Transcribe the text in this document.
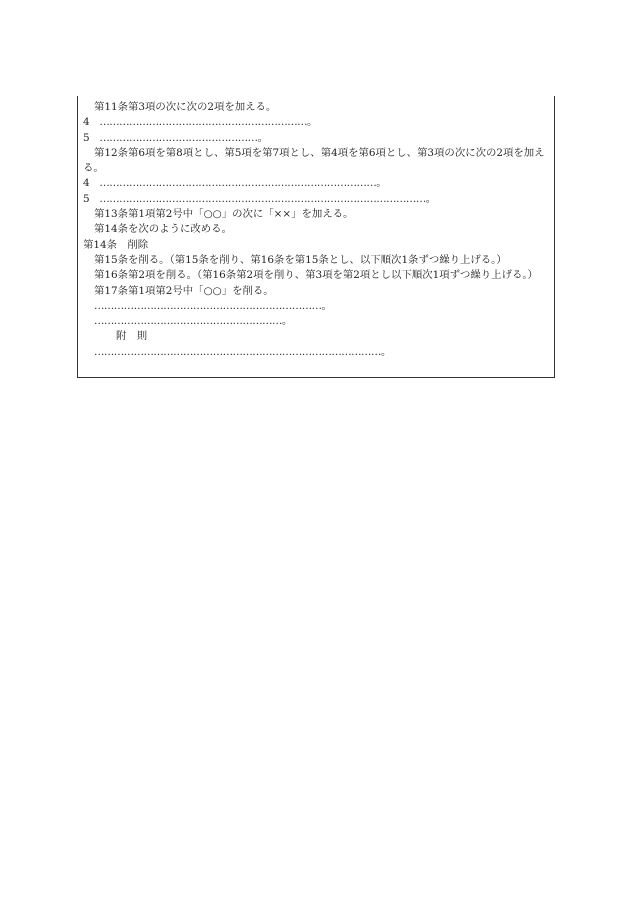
第11条第3項の次に次の2項を加える。
4 ………………………………………………………。
5 …………………………………………。
第12条第6項を第8項とし、第5項を第7項とし、第4項を第6項とし、第3項の次に次の2項を加える。
4 …………………………………………………………………………。
5 ………………………………………………………………………………………。
第13条第1項第2号中「○○」の次に「××」を加える。
第14条を次のように改める。
第14条　削除
第15条を削る。（第15条を削り、第16条を第15条とし、以下順次1条ずつ繰り上げる。）
第16条第2項を削る。（第16条第2項を削り、第3項を第2項とし以下順次1項ずつ繰り上げる。）
第17条第1項第2号中「○○」を削る。
……………………………………………………………。
…………………………………………………。
附　則
……………………………………………………………………………。
